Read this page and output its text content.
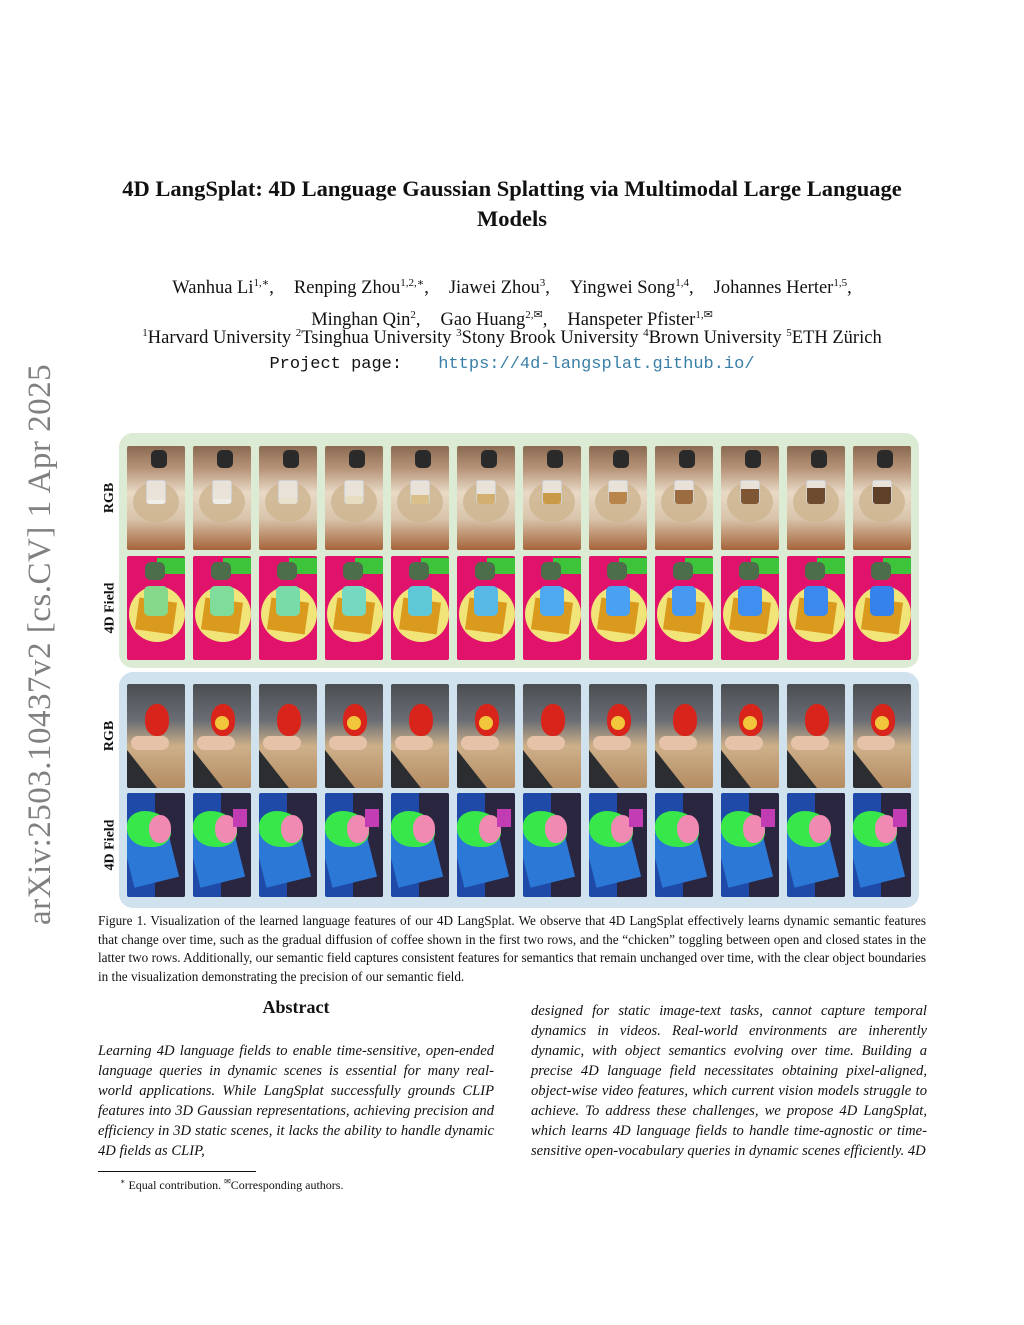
arXiv:2503.10437v2 [cs.CV] 1 Apr 2025
4D LangSplat: 4D Language Gaussian Splatting via Multimodal Large Language Models
Wanhua $Li^{1,∗}$, Renping Zhou$^{1,2,∗}$, Jiawei Zhou$^3$, Yingwei Song$^{1,4}$, Johannes Herter$^{1,5}$,
Minghan Qin$^2$, Gao Huang$^{2,✉}$, Hanspeter Pfister$^{1,✉}$
$^1$Harvard University $^2$Tsinghua University $^3$Stony Brook University $^4$Brown University $^5$ETH Zürich
Project page: https://4d-langsplat.github.io/
RGB
4D Field
RGB
4D Field

Figure 1. Visualization of the learned language features of our 4D LangSplat. We observe that 4D LangSplat effectively learns dynamic semantic features that change over time, such as the gradual diffusion of coffee shown in the first two rows, and the “chicken” toggling between open and closed states in the latter two rows. Additionally, our semantic field captures consistent features for semantics that remain unchanged over time, with the clear object boundaries in the visualization demonstrating the precision of our semantic field.

Abstract

Learning 4D language fields to enable time-sensitive, open-ended language queries in dynamic scenes is essential for many real-world applications. While LangSplat successfully grounds CLIP features into 3D Gaussian representations, achieving precision and efficiency in 3D static scenes, it lacks the ability to handle dynamic 4D fields as CLIP,

designed for static image-text tasks, cannot capture temporal dynamics in videos. Real-world environments are inherently dynamic, with object semantics evolving over time. Building a precise 4D language field necessitates obtaining pixel-aligned, object-wise video features, which current vision models struggle to achieve. To address these challenges, we propose 4D LangSplat, which learns 4D language fields to handle time-agnostic or time-sensitive open-vocabulary queries in dynamic scenes efficiently. 4D

∗ Equal contribution. ✉Corresponding authors.
